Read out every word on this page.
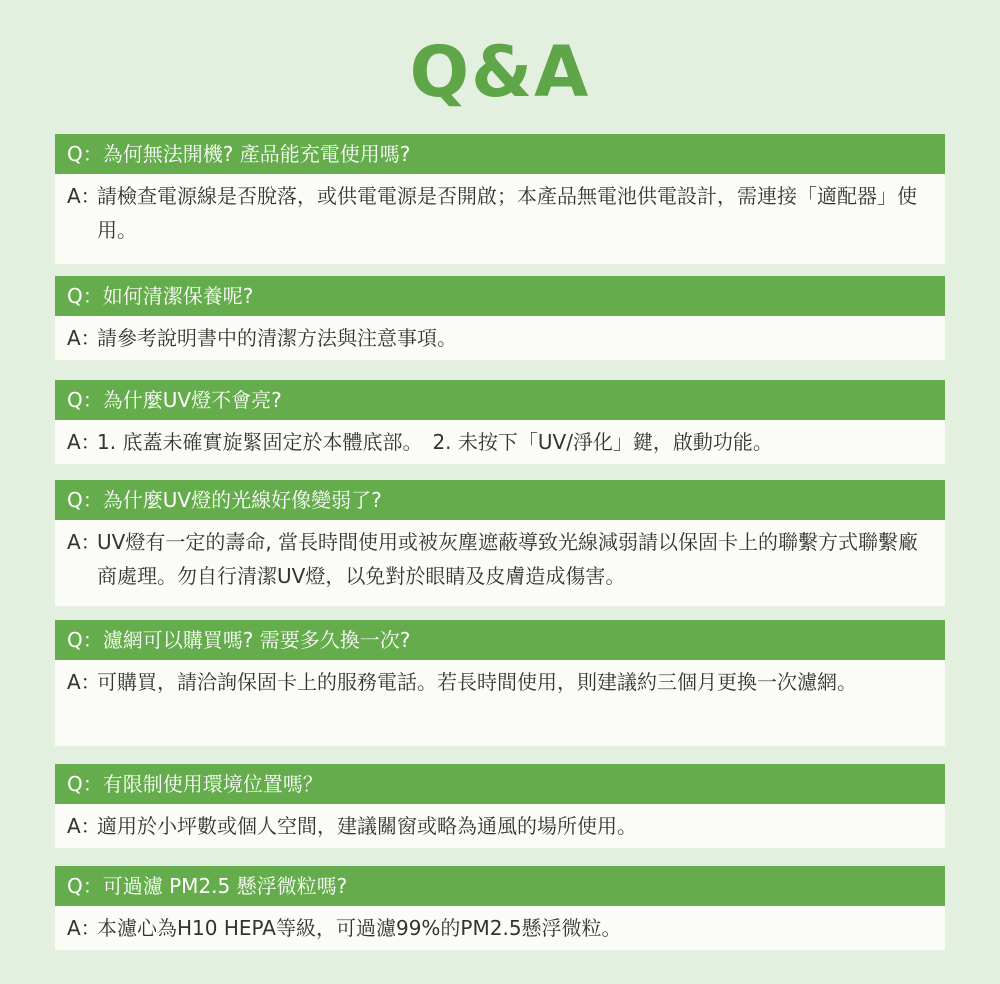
Q&A
Q：為何無法開機? 產品能充電使用嗎?
A：
請檢查電源線是否脫落，或供電電源是否開啟；本產品無電池供電設計，需連接「適配器」使用。
Q：如何清潔保養呢?
A：
請參考說明書中的清潔方法與注意事項。
Q：為什麼UV燈不會亮?
A：
1. 底蓋未確實旋緊固定於本體底部。　2. 未按下「UV/淨化」鍵，啟動功能。
Q：為什麼UV燈的光線好像變弱了?
A：
UV燈有一定的壽命, 當長時間使用或被灰塵遮蔽導致光線減弱請以保固卡上的聯繫方式聯繫廠商處理。勿自行清潔UV燈，以免對於眼睛及皮膚造成傷害。
Q：濾網可以購買嗎? 需要多久換一次?
A：
可購買，請洽詢保固卡上的服務電話。若長時間使用，則建議約三個月更換一次濾網。
Q：有限制使用環境位置嗎？
A：
適用於小坪數或個人空間，建議關窗或略為通風的場所使用。
Q：可過濾 PM2.5 懸浮微粒嗎?
A：
本濾心為H10 HEPA等級，可過濾99%的PM2.5懸浮微粒。
